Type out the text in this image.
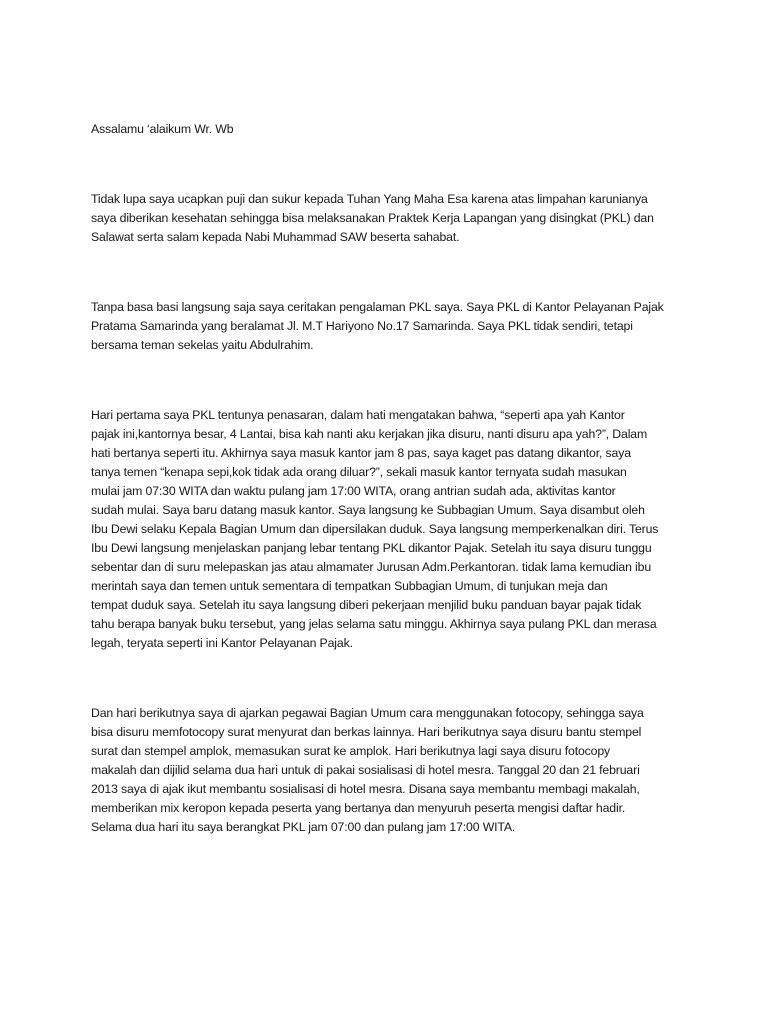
Assalamu ‘alaikum Wr. Wb

Tidak lupa saya ucapkan puji dan sukur kepada Tuhan Yang Maha Esa karena atas limpahan karunianya
saya diberikan kesehatan sehingga bisa melaksanakan Praktek Kerja Lapangan yang disingkat (PKL) dan
Salawat serta salam kepada Nabi Muhammad SAW beserta sahabat.

Tanpa basa basi langsung saja saya ceritakan pengalaman PKL saya. Saya PKL di Kantor Pelayanan Pajak
Pratama Samarinda yang beralamat Jl. M.T Hariyono No.17 Samarinda. Saya PKL tidak sendiri, tetapi
bersama teman sekelas yaitu Abdulrahim.

Hari pertama saya PKL tentunya penasaran, dalam hati mengatakan bahwa, “seperti apa yah Kantor
pajak ini,kantornya besar, 4 Lantai, bisa kah nanti aku kerjakan jika disuru, nanti disuru apa yah?”, Dalam
hati bertanya seperti itu. Akhirnya saya masuk kantor jam 8 pas, saya kaget pas datang dikantor, saya
tanya temen “kenapa sepi,kok tidak ada orang diluar?”, sekali masuk kantor ternyata sudah masukan
mulai jam 07:30 WITA dan waktu pulang jam 17:00 WITA, orang antrian sudah ada, aktivitas kantor
sudah mulai. Saya baru datang masuk kantor. Saya langsung ke Subbagian Umum. Saya disambut oleh
Ibu Dewi selaku Kepala Bagian Umum dan dipersilakan duduk. Saya langsung memperkenalkan diri. Terus
Ibu Dewi langsung menjelaskan panjang lebar tentang PKL dikantor Pajak. Setelah itu saya disuru tunggu
sebentar dan di suru melepaskan jas atau almamater Jurusan Adm.Perkantoran. tidak lama kemudian ibu
merintah saya dan temen untuk sementara di tempatkan Subbagian Umum, di tunjukan meja dan
tempat duduk saya. Setelah itu saya langsung diberi pekerjaan menjilid buku panduan bayar pajak tidak
tahu berapa banyak buku tersebut, yang jelas selama satu minggu. Akhirnya saya pulang PKL dan merasa
legah, teryata seperti ini Kantor Pelayanan Pajak.

Dan hari berikutnya saya di ajarkan pegawai Bagian Umum cara menggunakan fotocopy, sehingga saya
bisa disuru memfotocopy surat menyurat dan berkas lainnya. Hari berikutnya saya disuru bantu stempel
surat dan stempel amplok, memasukan surat ke amplok. Hari berikutnya lagi saya disuru fotocopy
makalah dan dijilid selama dua hari untuk di pakai sosialisasi di hotel mesra. Tanggal 20 dan 21 februari
2013 saya di ajak ikut membantu sosialisasi di hotel mesra. Disana saya membantu membagi makalah,
memberikan mix keropon kepada peserta yang bertanya dan menyuruh peserta mengisi daftar hadir.
Selama dua hari itu saya berangkat PKL jam 07:00 dan pulang jam 17:00 WITA.
